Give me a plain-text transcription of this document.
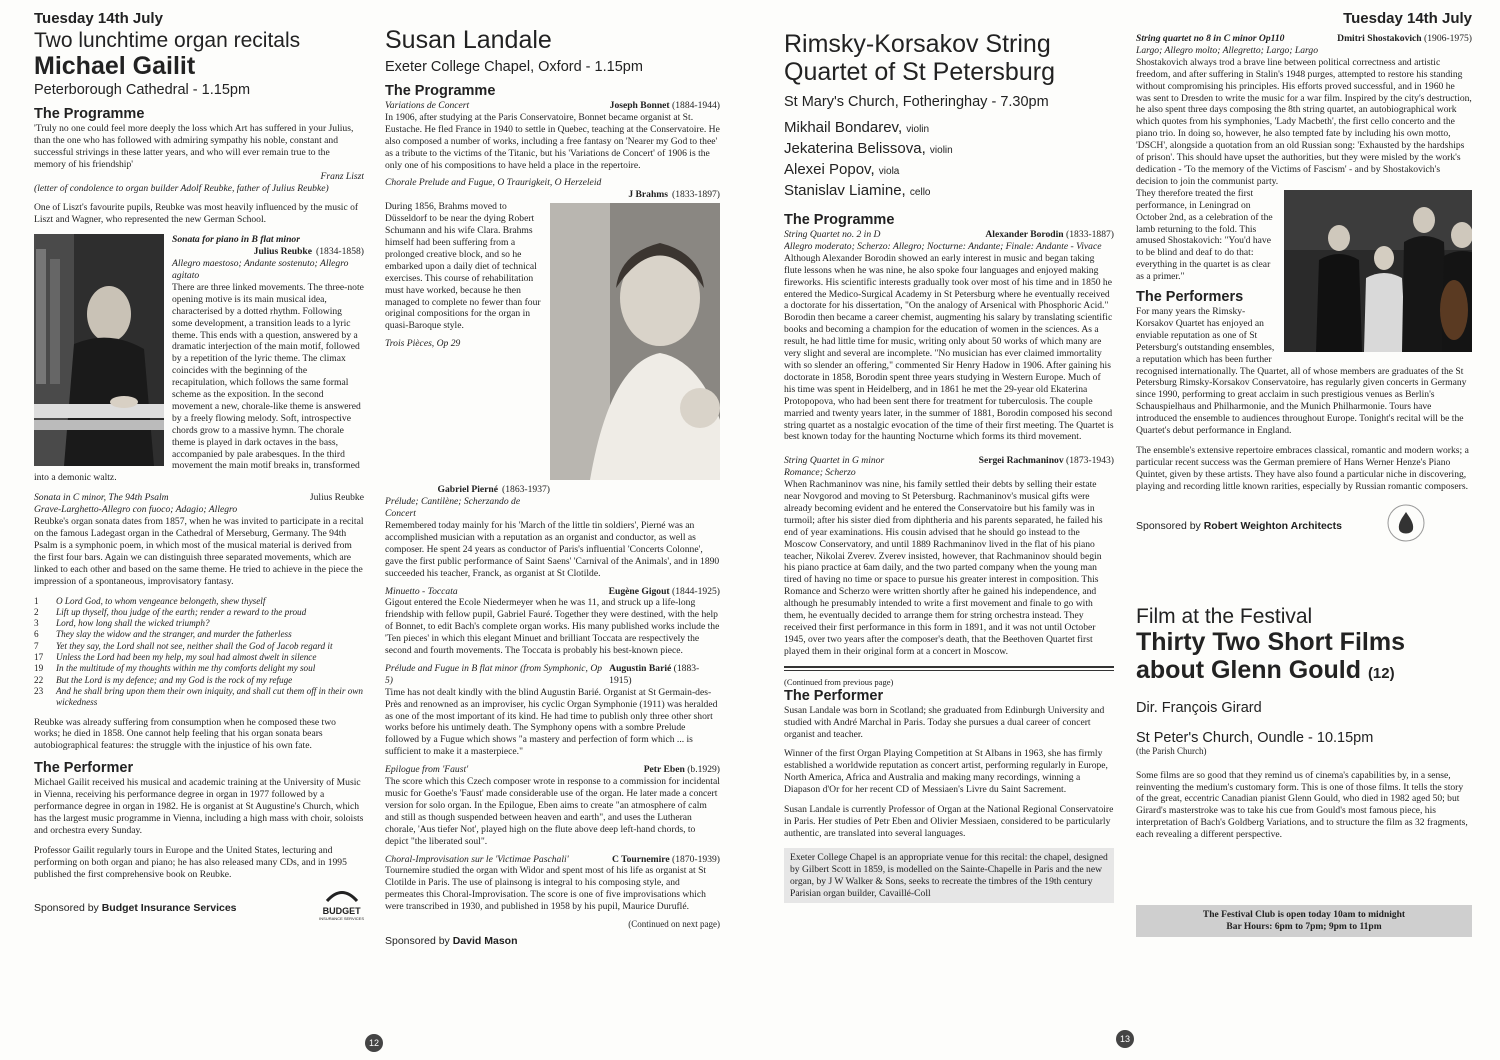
Tuesday 14th July
Two lunchtime organ recitals
Michael Gailit
Peterborough Cathedral - 1.15pm
The Programme

'Truly no one could feel more deeply the loss which Art has suffered in your Julius, than the one who has followed with admiring sympathy his noble, constant and successful strivings in these latter years, and who will ever remain true to the memory of his friendship'

Franz Liszt

(letter of condolence to organ builder Adolf Reubke, father of Julius Reubke)

One of Liszt's favourite pupils, Reubke was most heavily influenced by the music of Liszt and Wagner, who represented the new German School.

Sonata for piano in B flat minor
Julius Reubke (1834-1858)
Allegro maestoso; Andante sostenuto; Allegro agitato

There are three linked movements. The three-note opening motive is its main musical idea, characterised by a dotted rhythm. Following some development, a transition leads to a lyric theme. This ends with a question, answered by a dramatic interjection of the main motif, followed by a repetition of the lyric theme. The climax coincides with the beginning of the recapitulation, which follows the same formal scheme as the exposition. In the second movement a new, chorale-like theme is answered by a freely flowing melody. Soft, introspective chords grow to a massive hymn. The chorale theme is played in dark octaves in the bass, accompanied by pale arabesques. In the third movement the main motif breaks in, transformed into a demonic waltz.

Sonata in C minor, The 94th Psalm	Julius Reubke
Grave-Larghetto-Allegro con fuoco; Adagio; Allegro

Reubke's organ sonata dates from 1857, when he was invited to participate in a recital on the famous Ladegast organ in the Cathedral of Merseburg, Germany. The 94th Psalm is a symphonic poem, in which most of the musical material is derived from the first four bars. Again we can distinguish three separated movements, which are linked to each other and based on the same theme. He tried to achieve in the piece the impression of a spontaneous, improvisatory fantasy.

1	O Lord God, to whom vengeance belongeth, shew thyself
2	Lift up thyself, thou judge of the earth; render a reward to the proud
3	Lord, how long shall the wicked triumph?
6	They slay the widow and the stranger, and murder the fatherless
7	Yet they say, the Lord shall not see, neither shall the God of Jacob regard it
17	Unless the Lord had been my help, my soul had almost dwelt in silence
19	In the multitude of my thoughts within me thy comforts delight my soul
22	But the Lord is my defence; and my God is the rock of my refuge
23	And he shall bring upon them their own iniquity, and shall cut them off in their own wickedness

Reubke was already suffering from consumption when he composed these two works; he died in 1858. One cannot help feeling that his organ sonata bears autobiographical features: the struggle with the injustice of his own fate.

The Performer

Michael Gailit received his musical and academic training at the University of Music in Vienna, receiving his performance degree in organ in 1977 followed by a performance degree in organ in 1982. He is organist at St Augustine's Church, which has the largest music programme in Vienna, including a high mass with choir, soloists and orchestra every Sunday.

Professor Gailit regularly tours in Europe and the United States, lecturing and performing on both organ and piano; he has also released many CDs, and in 1995 published the first comprehensive book on Reubke.

Sponsored by Budget Insurance Services	BUDGET
INSURANCE SERVICES
Susan Landale
Exeter College Chapel, Oxford - 1.15pm
The Programme
Variations de Concert	Joseph Bonnet (1884-1944)

In 1906, after studying at the Paris Conservatoire, Bonnet became organist at St. Eustache. He fled France in 1940 to settle in Quebec, teaching at the Conservatoire. He also composed a number of works, including a free fantasy on 'Nearer my God to thee' as a tribute to the victims of the Titanic, but his 'Variations de Concert' of 1906 is the only one of his compositions to have held a place in the repertoire.

Chorale Prelude and Fugue, O Traurigkeit, O Herzeleid
J Brahms (1833-1897)

During 1856, Brahms moved to Düsseldorf to be near the dying Robert Schumann and his wife Clara. Brahms himself had been suffering from a prolonged creative block, and so he embarked upon a daily diet of technical exercises. This course of rehabilitation must have worked, because he then managed to complete no fewer than four original compositions for the organ in quasi-Baroque style.

Trois Pièces, Op 29
Gabriel Pierné (1863-1937)
Prélude; Cantilène; Scherzando de Concert

Remembered today mainly for his 'March of the little tin soldiers', Pierné was an accomplished musician with a reputation as an organist and conductor, as well as composer. He spent 24 years as conductor of Paris's influential 'Concerts Colonne', gave the first public performance of Saint Saens' 'Carnival of the Animals', and in 1890 succeeded his teacher, Franck, as organist at St Clotilde.

Minuetto - Toccata	Eugène Gigout (1844-1925)

Gigout entered the Ecole Niedermeyer when he was 11, and struck up a life-long friendship with fellow pupil, Gabriel Fauré. Together they were destined, with the help of Bonnet, to edit Bach's complete organ works. His many published works include the 'Ten pieces' in which this elegant Minuet and brilliant Toccata are respectively the second and fourth movements. The Toccata is probably his best-known piece.

Prélude and Fugue in B flat minor (from Symphonic, Op 5)
Augustin Barié (1883-1915)

Time has not dealt kindly with the blind Augustin Barié. Organist at St Germain-des-Près and renowned as an improviser, his cyclic Organ Symphonie (1911) was heralded as one of the most important of its kind. He had time to publish only three other short works before his untimely death. The Symphony opens with a sombre Prelude followed by a Fugue which shows "a mastery and perfection of form which ... is sufficient to make it a masterpiece."

Epilogue from 'Faust'	Petr Eben (b.1929)

The score which this Czech composer wrote in response to a commission for incidental music for Goethe's 'Faust' made considerable use of the organ. He later made a concert version for solo organ. In the Epilogue, Eben aims to create "an atmosphere of calm and still as though suspended between heaven and earth", and uses the Lutheran chorale, 'Aus tiefer Not', played high on the flute above deep left-hand chords, to depict "the liberated soul".

Choral-Improvisation sur le 'Victimae Paschali'	C Tournemire (1870-1939)

Tournemire studied the organ with Widor and spent most of his life as organist at St Clotilde in Paris. The use of plainsong is integral to his composing style, and permeates this Choral-Improvisation. The score is one of five improvisations which were transcribed in 1930, and published in 1958 by his pupil, Maurice Duruflé.

(Continued on next page)
Sponsored by David Mason
12
Rimsky-Korsakov String Quartet of St Petersburg
St Mary's Church, Fotheringhay - 7.30pm
Mikhail Bondarev, violin
Jekaterina Belissova, violin
Alexei Popov, viola
Stanislav Liamine, cello
The Programme
String Quartet no. 2 in D	Alexander Borodin (1833-1887)
Allegro moderato; Scherzo: Allegro; Nocturne: Andante; Finale: Andante - Vivace

Although Alexander Borodin showed an early interest in music and began taking flute lessons when he was nine, he also spoke four languages and enjoyed making fireworks. His scientific interests gradually took over most of his time and in 1850 he entered the Medico-Surgical Academy in St Petersburg where he eventually received a doctorate for his dissertation, "On the analogy of Arsenical with Phosphoric Acid." Borodin then became a career chemist, augmenting his salary by translating scientific books and becoming a champion for the education of women in the sciences. As a result, he had little time for music, writing only about 50 works of which many are very slight and several are incomplete. "No musician has ever claimed immortality with so slender an offering," commented Sir Henry Hadow in 1906. After gaining his doctorate in 1858, Borodin spent three years studying in Western Europe. Much of his time was spent in Heidelberg, and in 1861 he met the 29-year old Ekaterina Protopopova, who had been sent there for treatment for tuberculosis. The couple married and twenty years later, in the summer of 1881, Borodin composed his second string quartet as a nostalgic evocation of the time of their first meeting. The Quartet is best known today for the haunting Nocturne which forms its third movement.

String Quartet in G minor	Sergei Rachmaninov (1873-1943)
Romance; Scherzo

When Rachmaninov was nine, his family settled their debts by selling their estate near Novgorod and moving to St Petersburg. Rachmaninov's musical gifts were already becoming evident and he entered the Conservatoire but his family was in turmoil; after his sister died from diphtheria and his parents separated, he failed his end of year examinations. His cousin advised that he should go instead to the Moscow Conservatory, and until 1889 Rachmaninov lived in the flat of his piano teacher, Nikolai Zverev. Zverev insisted, however, that Rachmaninov should begin his piano practice at 6am daily, and the two parted company when the young man tired of having no time or space to pursue his greater interest in composition. This Romance and Scherzo were written shortly after he gained his independence, and although he presumably intended to write a first movement and finale to go with them, he eventually decided to arrange them for string orchestra instead. They received their first performance in this form in 1891, and it was not until October 1945, over two years after the composer's death, that the Beethoven Quartet first played them in their original form at a concert in Moscow.

(Continued from previous page)
The Performer

Susan Landale was born in Scotland; she graduated from Edinburgh University and studied with André Marchal in Paris. Today she pursues a dual career of concert organist and teacher.

Winner of the first Organ Playing Competition at St Albans in 1963, she has firmly established a worldwide reputation as concert artist, performing regularly in Europe, North America, Africa and Australia and making many recordings, winning a Diapason d'Or for her recent CD of Messiaen's Livre du Saint Sacrement.

Susan Landale is currently Professor of Organ at the National Regional Conservatoire in Paris. Her studies of Petr Eben and Olivier Messiaen, considered to be particularly authentic, are translated into several languages.

Exeter College Chapel is an appropriate venue for this recital: the chapel, designed by Gilbert Scott in 1859, is modelled on the Sainte-Chapelle in Paris and the new organ, by J W Walker & Sons, seeks to recreate the timbres of the 19th century Parisian organ builder, Cavaillé-Coll
Tuesday 14th July
String quartet no 8 in C minor Op110	Dmitri Shostakovich (1906-1975)
Largo; Allegro molto; Allegretto; Largo; Largo

Shostakovich always trod a brave line between political correctness and artistic freedom, and after suffering in Stalin's 1948 purges, attempted to restore his standing without compromising his principles. His efforts proved successful, and in 1960 he was sent to Dresden to write the music for a war film. Inspired by the city's destruction, he also spent three days composing the 8th string quartet, an autobiographical work which quotes from his symphonies, 'Lady Macbeth', the first cello concerto and the piano trio. In doing so, however, he also tempted fate by including his own motto, 'DSCH', alongside a quotation from an old Russian song: 'Exhausted by the hardships of prison'. This should have upset the authorities, but they were misled by the work's dedication - 'To the memory of the Victims of Fascism' - and by Shostakovich's decision to join the communist party.

They therefore treated the first performance, in Leningrad on October 2nd, as a celebration of the lamb returning to the fold. This amused Shostakovich: "You'd have to be blind and deaf to do that: everything in the quartet is as clear as a primer."

The Performers

For many years the Rimsky-Korsakov Quartet has enjoyed an enviable reputation as one of St Petersburg's outstanding ensembles, a reputation which has been further recognised internationally. The Quartet, all of whose members are graduates of the St Petersburg Rimsky-Korsakov Conservatoire, has regularly given concerts in Germany since 1990, performing to great acclaim in such prestigious venues as Berlin's Schauspielhaus and Philharmonie, and the Munich Philharmonie. Tours have introduced the ensemble to audiences throughout Europe. Tonight's recital will be the Quartet's debut performance in England.

The ensemble's extensive repertoire embraces classical, romantic and modern works; a particular recent success was the German premiere of Hans Werner Henze's Piano Quintet, given by these artists. They have also found a particular niche in discovering, playing and recording little known rarities, especially by Russian romantic composers.

Sponsored by Robert Weighton Architects
Film at the Festival
Thirty Two Short Films about Glenn Gould (12)
Dir. François Girard
St Peter's Church, Oundle - 10.15pm
(the Parish Church)

Some films are so good that they remind us of cinema's capabilities by, in a sense, reinventing the medium's customary form. This is one of those films. It tells the story of the great, eccentric Canadian pianist Glenn Gould, who died in 1982 aged 50; but Girard's masterstroke was to take his cue from Gould's most famous piece, his interpretation of Bach's Goldberg Variations, and to structure the film as 32 fragments, each revealing a different perspective.

The Festival Club is open today 10am to midnight
Bar Hours: 6pm to 7pm; 9pm to 11pm
13
